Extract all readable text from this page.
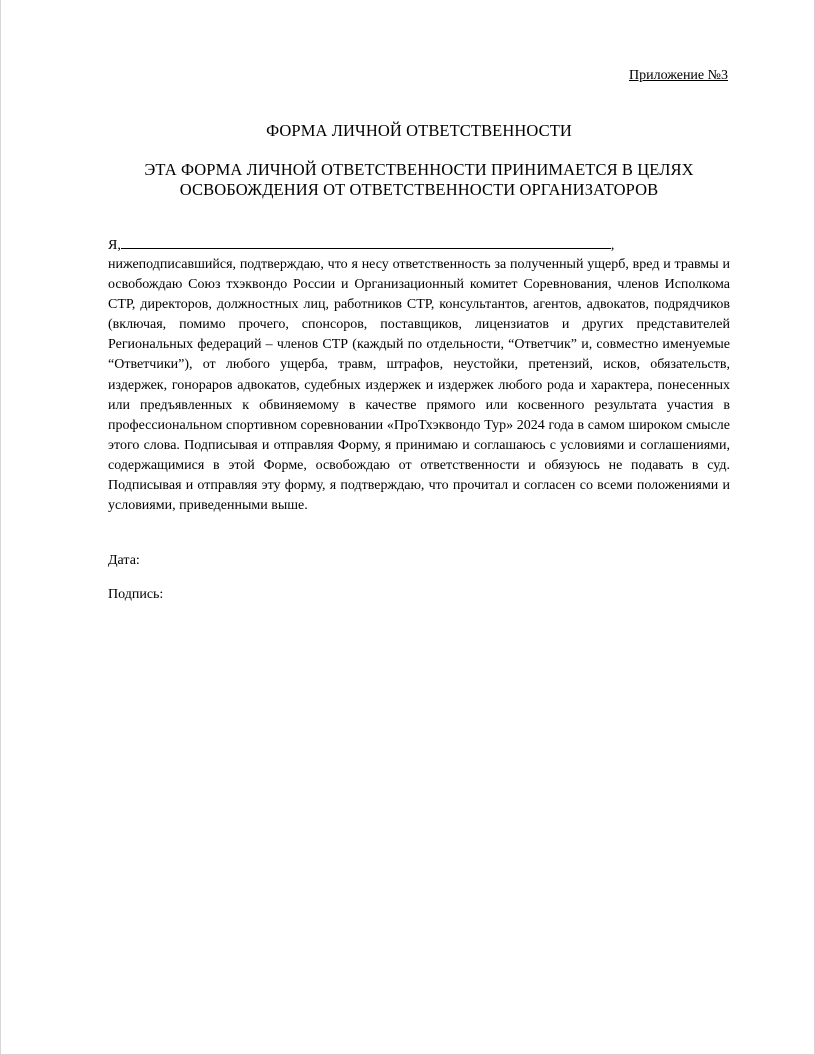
Приложение №3
ФОРМА ЛИЧНОЙ ОТВЕТСТВЕННОСТИ
ЭТА ФОРМА ЛИЧНОЙ ОТВЕТСТВЕННОСТИ ПРИНИМАЕТСЯ В ЦЕЛЯХ
ОСВОБОЖДЕНИЯ ОТ ОТВЕТСТВЕННОСТИ ОРГАНИЗАТОРОВ
Я,	,

нижеподписавшийся, подтверждаю, что я несу ответственность за полученный ущерб, вред и травмы и освобождаю Союз тхэквондо России и Организационный комитет Соревнования, членов Исполкома СТР, директоров, должностных лиц, работников СТР, консультантов, агентов, адвокатов, подрядчиков (включая, помимо прочего, спонсоров, поставщиков, лицензиатов и других представителей Региональных федераций – членов СТР (каждый по отдельности, “Ответчик” и, совместно именуемые “Ответчики”), от любого ущерба, травм, штрафов, неустойки, претензий, исков, обязательств, издержек, гонораров адвокатов, судебных издержек и издержек любого рода и характера, понесенных или предъявленных к обвиняемому в качестве прямого или косвенного результата участия в профессиональном спортивном соревновании «ПроТхэквондо Тур» 2024 года в самом широком смысле этого слова. Подписывая и отправляя Форму, я принимаю и соглашаюсь с условиями и соглашениями, содержащимися в этой Форме, освобождаю от ответственности и обязуюсь не подавать в суд. Подписывая и отправляя эту форму, я подтверждаю, что прочитал и согласен со всеми положениями и условиями, приведенными выше.

Дата:
Подпись:
